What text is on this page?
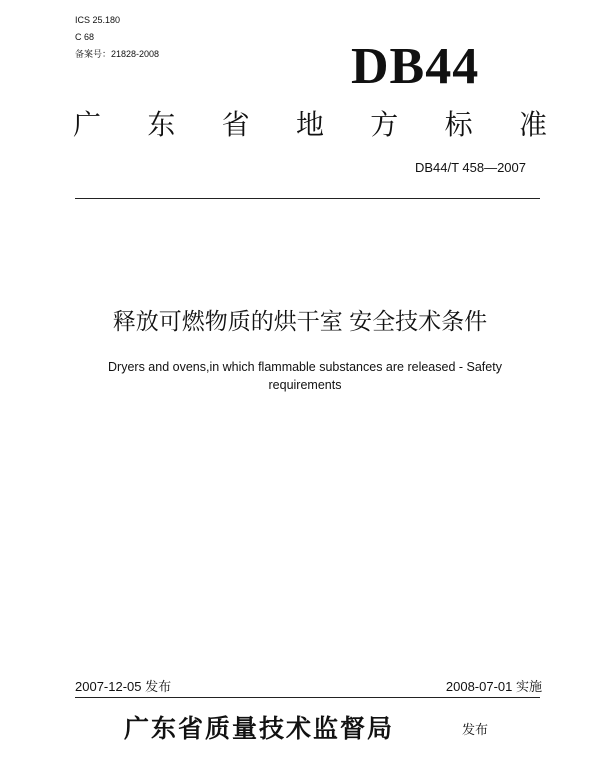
ICS 25.180
C 68
备案号：21828-2008	DB44
广 东 省 地 方 标 准
DB44/T 458—2007
释放可燃物质的烘干室 安全技术条件
Dryers and ovens,in which flammable substances are released - Safety requirements
2007-12-05 发布	2008-07-01 实施
广东省质量技术监督局	发布
